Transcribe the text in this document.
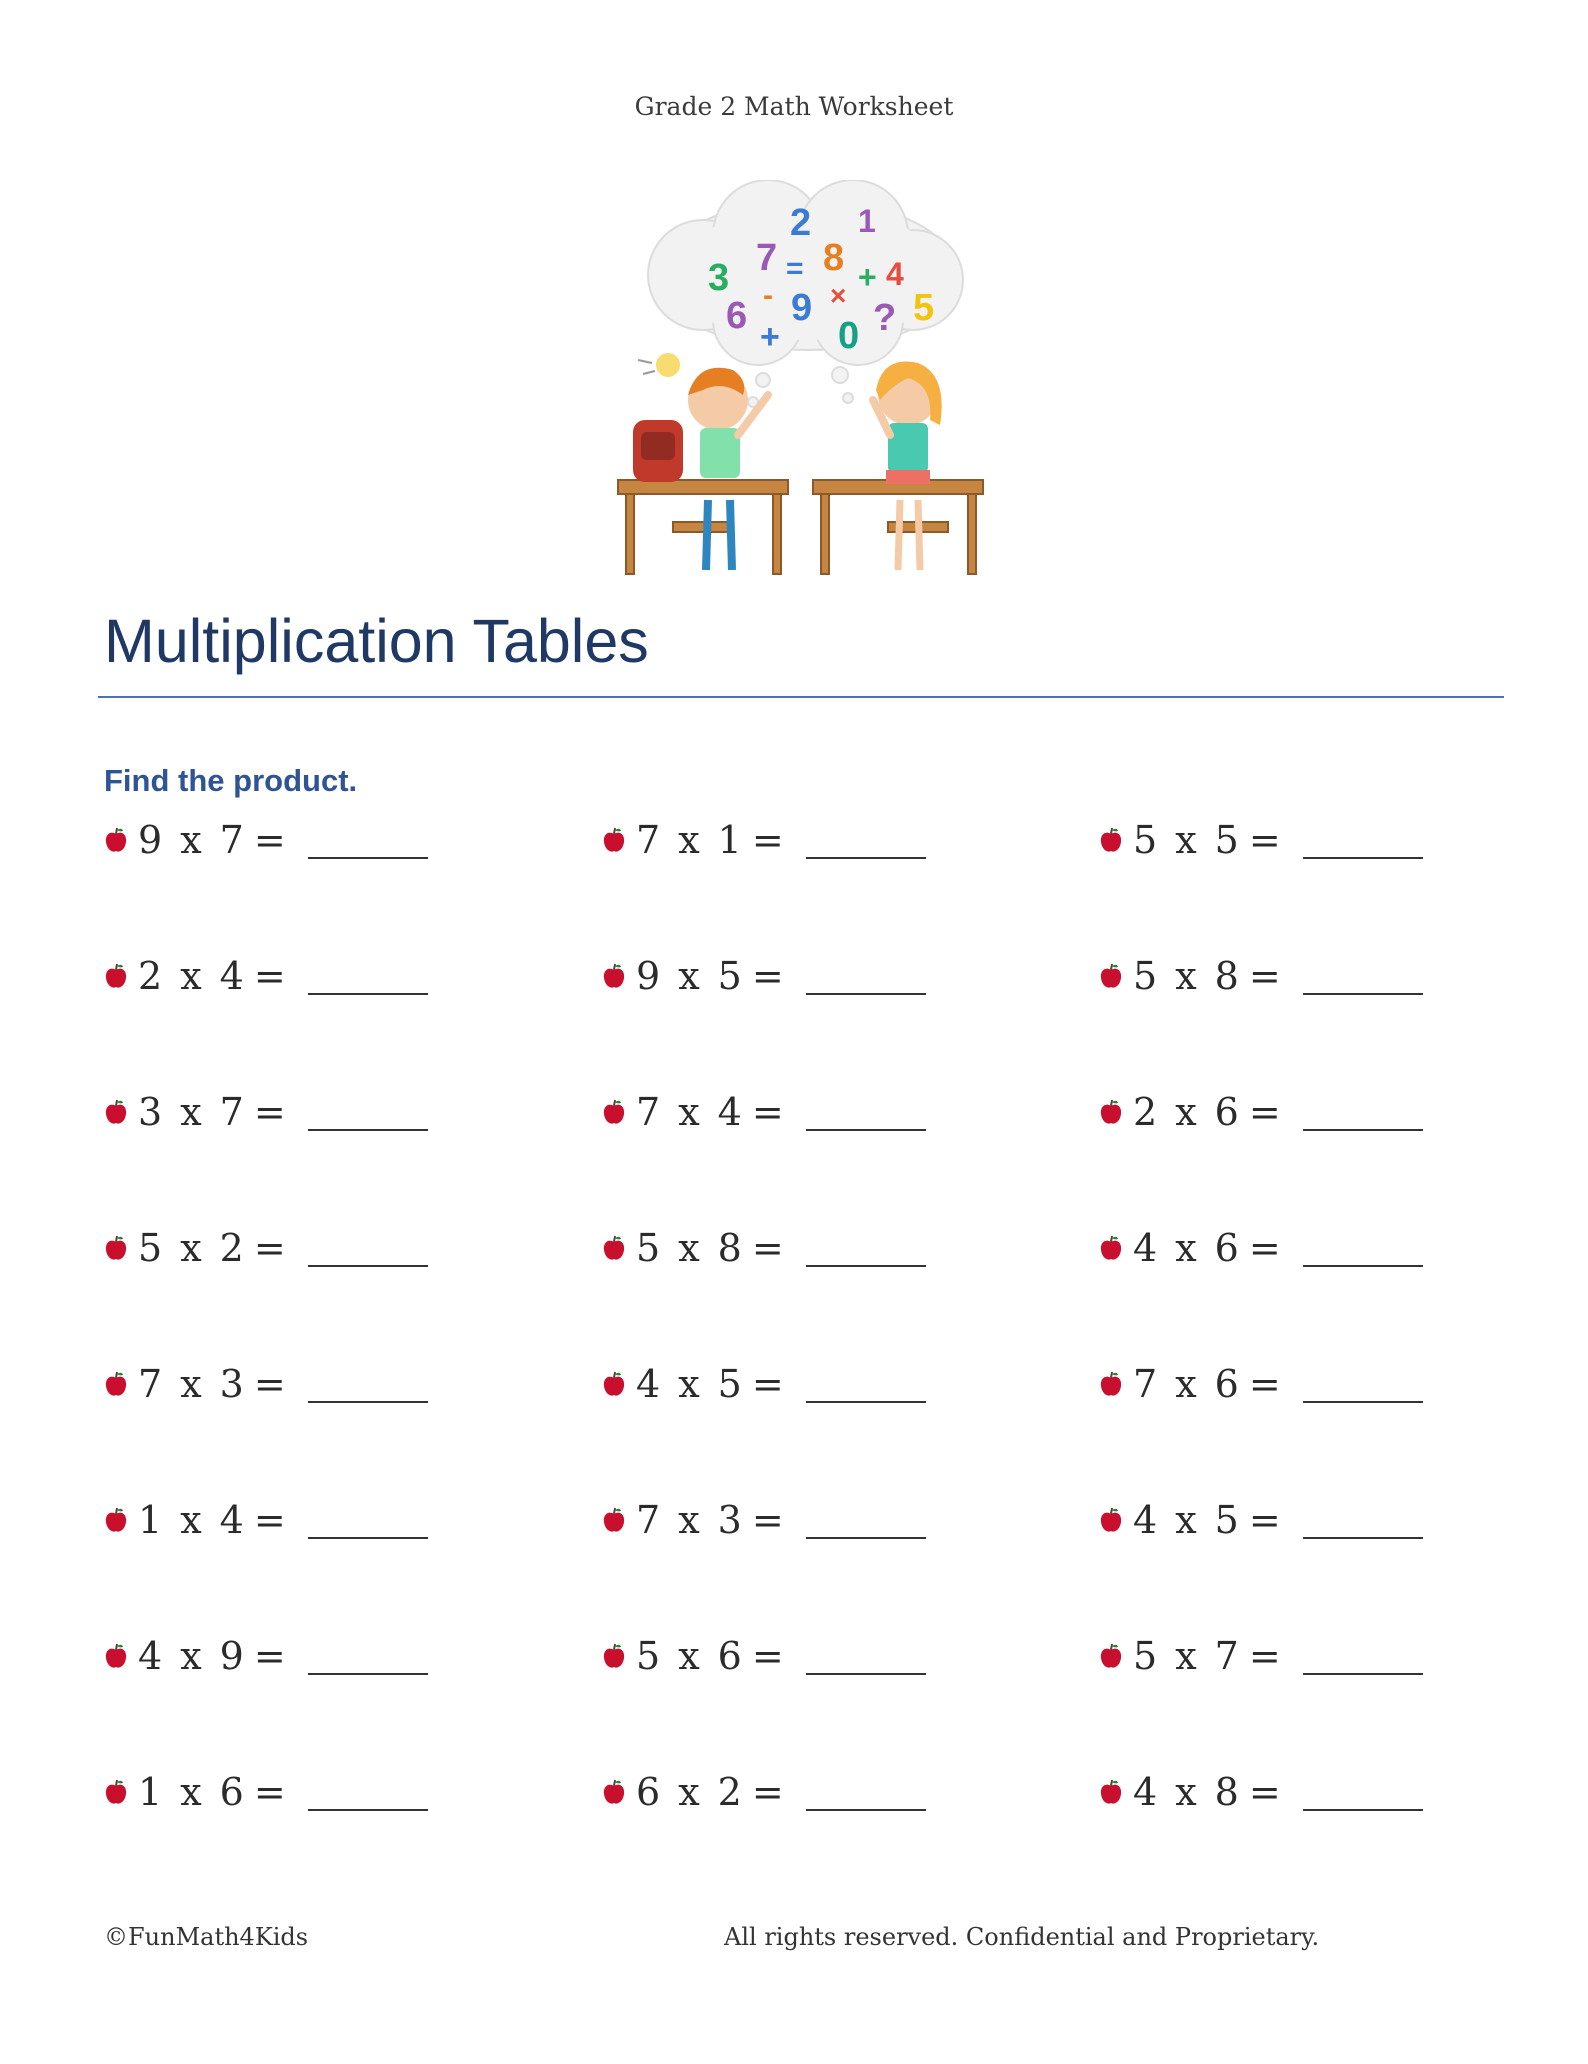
Grade 2 Math Worksheet
2 1
7 = 8
3	+ 4
- 9 ×
6	? 5
+ 0
Multiplication Tables
Find the product.
9 x 7 =	7 x 1 =	5 x 5 =
2 x 4 =	9 x 5 =	5 x 8 =
3 x 7 =	7 x 4 =	2 x 6 =
5 x 2 =	5 x 8 =	4 x 6 =
7 x 3 =	4 x 5 =	7 x 6 =
1 x 4 =	7 x 3 =	4 x 5 =
4 x 9 =	5 x 6 =	5 x 7 =
1 x 6 =	6 x 2 =	4 x 8 =
©FunMath4Kids	All rights reserved. Confidential and Proprietary.
